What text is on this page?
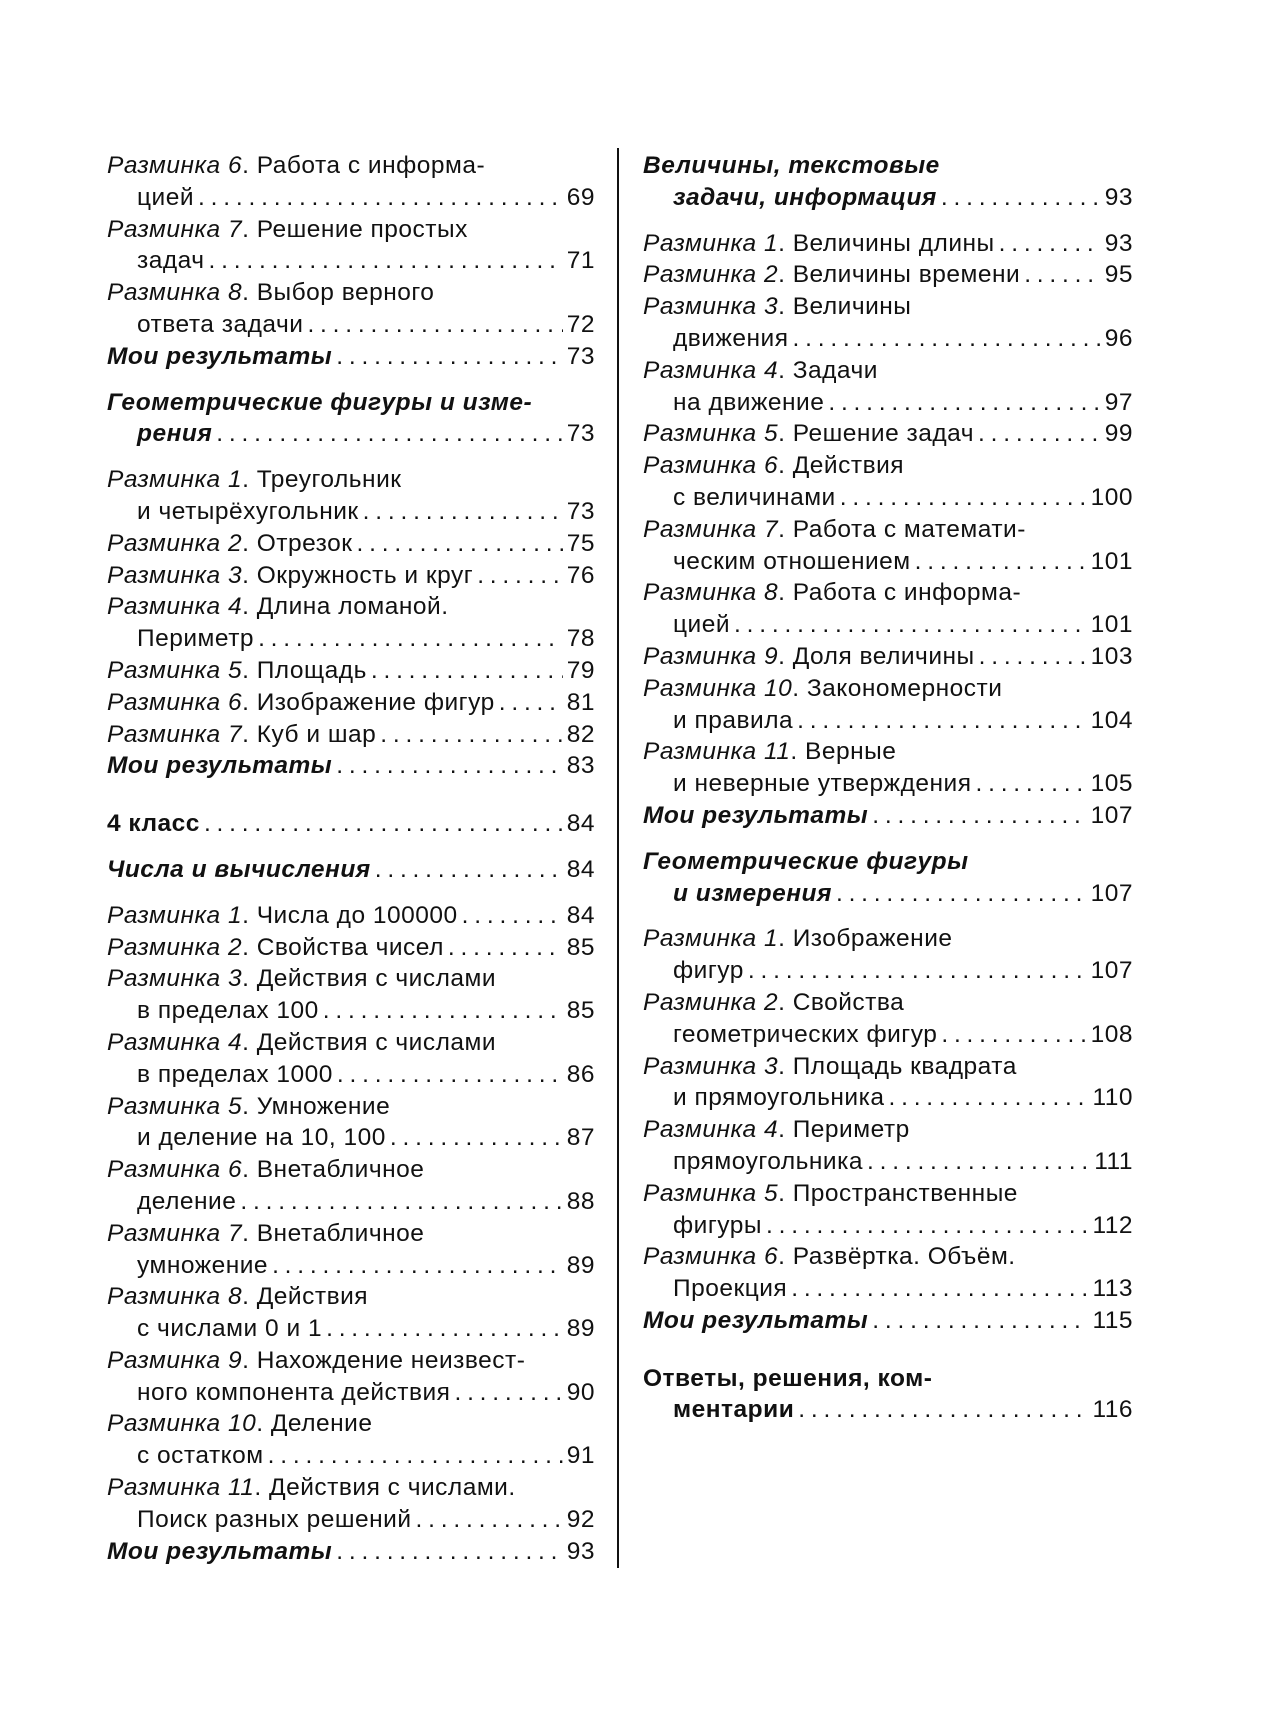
Разминка 6. Работа с информа-
цией . . .	69
Разминка 7. Решение простых
задач . . .	71
Разминка 8. Выбор верного
ответа задачи . . .	72
Мои результаты . . .	73
Геометрические фигуры и изме-
рения . . .	73
Разминка 1. Треугольник
и четырёхугольник . . .	73
Разминка 2. Отрезок . . .	75
Разминка 3. Окружность и круг . . .	76
Разминка 4. Длина ломаной.
Периметр . . .	78
Разминка 5. Площадь . . .	79
Разминка 6. Изображение фигур . . .	81
Разминка 7. Куб и шар . . .	82
Мои результаты . . .	83
4 класс . . .	84
Числа и вычисления . . .	84
Разминка 1. Числа до 100000 . . .	84
Разминка 2. Свойства чисел . . .	85
Разминка 3. Действия с числами
в пределах 100 . . .	85
Разминка 4. Действия с числами
в пределах 1000 . . .	86
Разминка 5. Умножение
и деление на 10, 100 . . .	87
Разминка 6. Внетабличное
деление . . .	88
Разминка 7. Внетабличное
умножение . . .	89
Разминка 8. Действия
с числами 0 и 1 . . .	89
Разминка 9. Нахождение неизвест-
ного компонента действия . . .	90
Разминка 10. Деление
с остатком . . .	91
Разминка 11. Действия с числами.
Поиск разных решений . . .	92
Мои результаты . . .	93
Величины, текстовые
задачи, информация . . .	93
Разминка 1. Величины длины . . .	93
Разминка 2. Величины времени . . .	95
Разминка 3. Величины
движения . . .	96
Разминка 4. Задачи
на движение . . .	97
Разминка 5. Решение задач . . .	99
Разминка 6. Действия
с величинами . . .	100
Разминка 7. Работа с математи-
ческим отношением . . .	101
Разминка 8. Работа с информа-
цией . . .	101
Разминка 9. Доля величины . . .	103
Разминка 10. Закономерности
и правила . . .	104
Разминка 11. Верные
и неверные утверждения . . .	105
Мои результаты . . .	107
Геометрические фигуры
и измерения . . .	107
Разминка 1. Изображение
фигур . . .	107
Разминка 2. Свойства
геометрических фигур . . .	108
Разминка 3. Площадь квадрата
и прямоугольника . . .	110
Разминка 4. Периметр
прямоугольника . . .	111
Разминка 5. Пространственные
фигуры . . .	112
Разминка 6. Развёртка. Объём.
Проекция . . .	113
Мои результаты . . .	115
Ответы, решения, ком-
ментарии . . .	116
